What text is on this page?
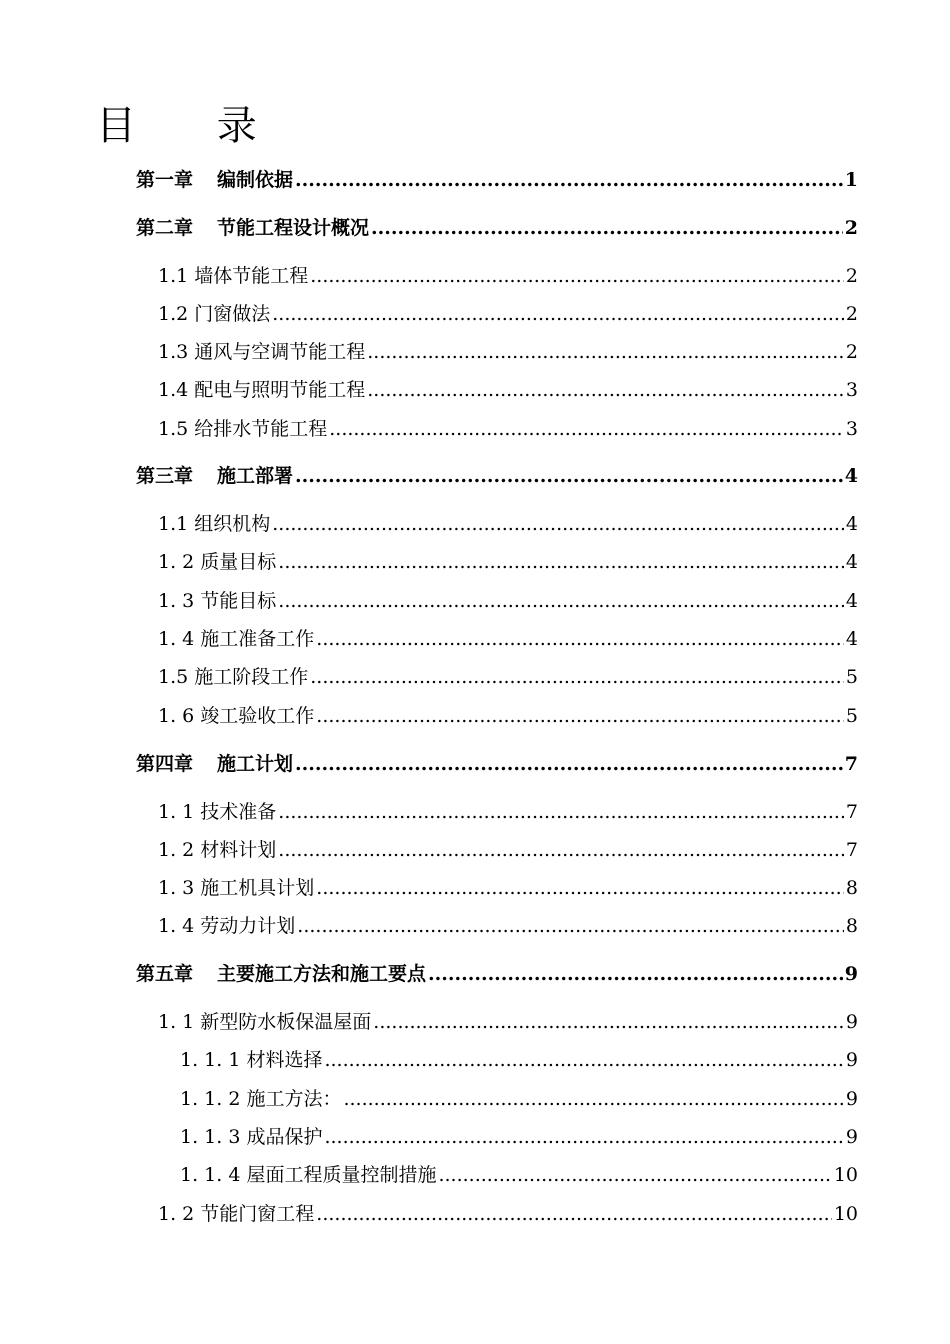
目 录
第一章 编制依据 .....	1
第二章 节能工程设计概况 .....	2
1.1 墙体节能工程 .....	2
1.2 门窗做法 .....	2
1.3 通风与空调节能工程 .....	2
1.4 配电与照明节能工程 .....	3
1.5 给排水节能工程 .....	3
第三章 施工部署 .....	4
1.1 组织机构 .....	4
1. 2 质量目标 .....	4
1. 3 节能目标 .....	4
1. 4 施工准备工作 .....	4
1.5 施工阶段工作 .....	5
1. 6 竣工验收工作 .....	5
第四章 施工计划 .....	7
1. 1 技术准备 .....	7
1. 2 材料计划 .....	7
1. 3 施工机具计划 .....	8
1. 4 劳动力计划 .....	8
第五章 主要施工方法和施工要点 .....	9
1. 1 新型防水板保温屋面 .....	9
1. 1. 1 材料选择 .....	9
1. 1. 2 施工方法： .....	9
1. 1. 3 成品保护 .....	9
1. 1. 4 屋面工程质量控制措施 .....	10
1. 2 节能门窗工程 .....	10
